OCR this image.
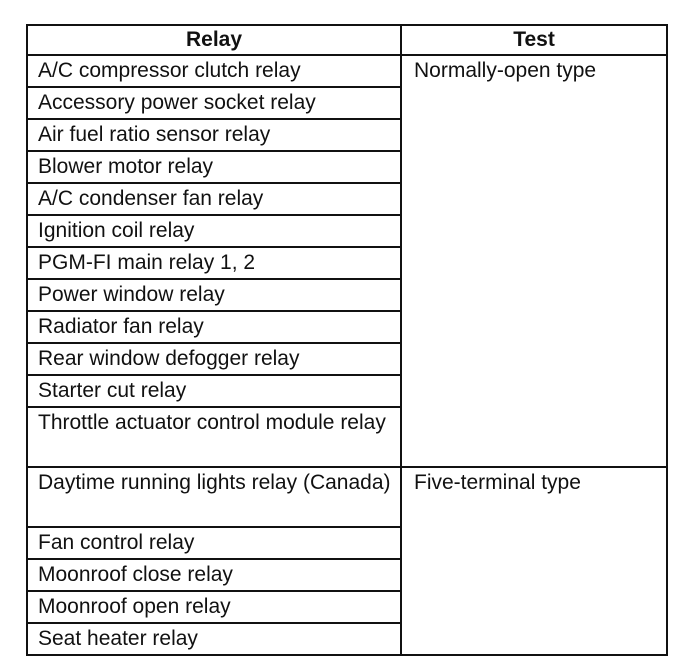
Relay	Test
A/C compressor clutch relay	Normally-open type

Accessory power socket relay	
Air fuel ratio sensor relay	
Blower motor relay	
A/C condenser fan relay	
Ignition coil relay	
PGM-FI main relay 1, 2	
Power window relay	
Radiator fan relay	
Rear window defogger relay	
Starter cut relay	
Throttle actuator control module relay	
Daytime running lights relay (Canada)	Five-terminal type

Fan control relay	
Moonroof close relay	
Moonroof open relay	
Seat heater relay	
